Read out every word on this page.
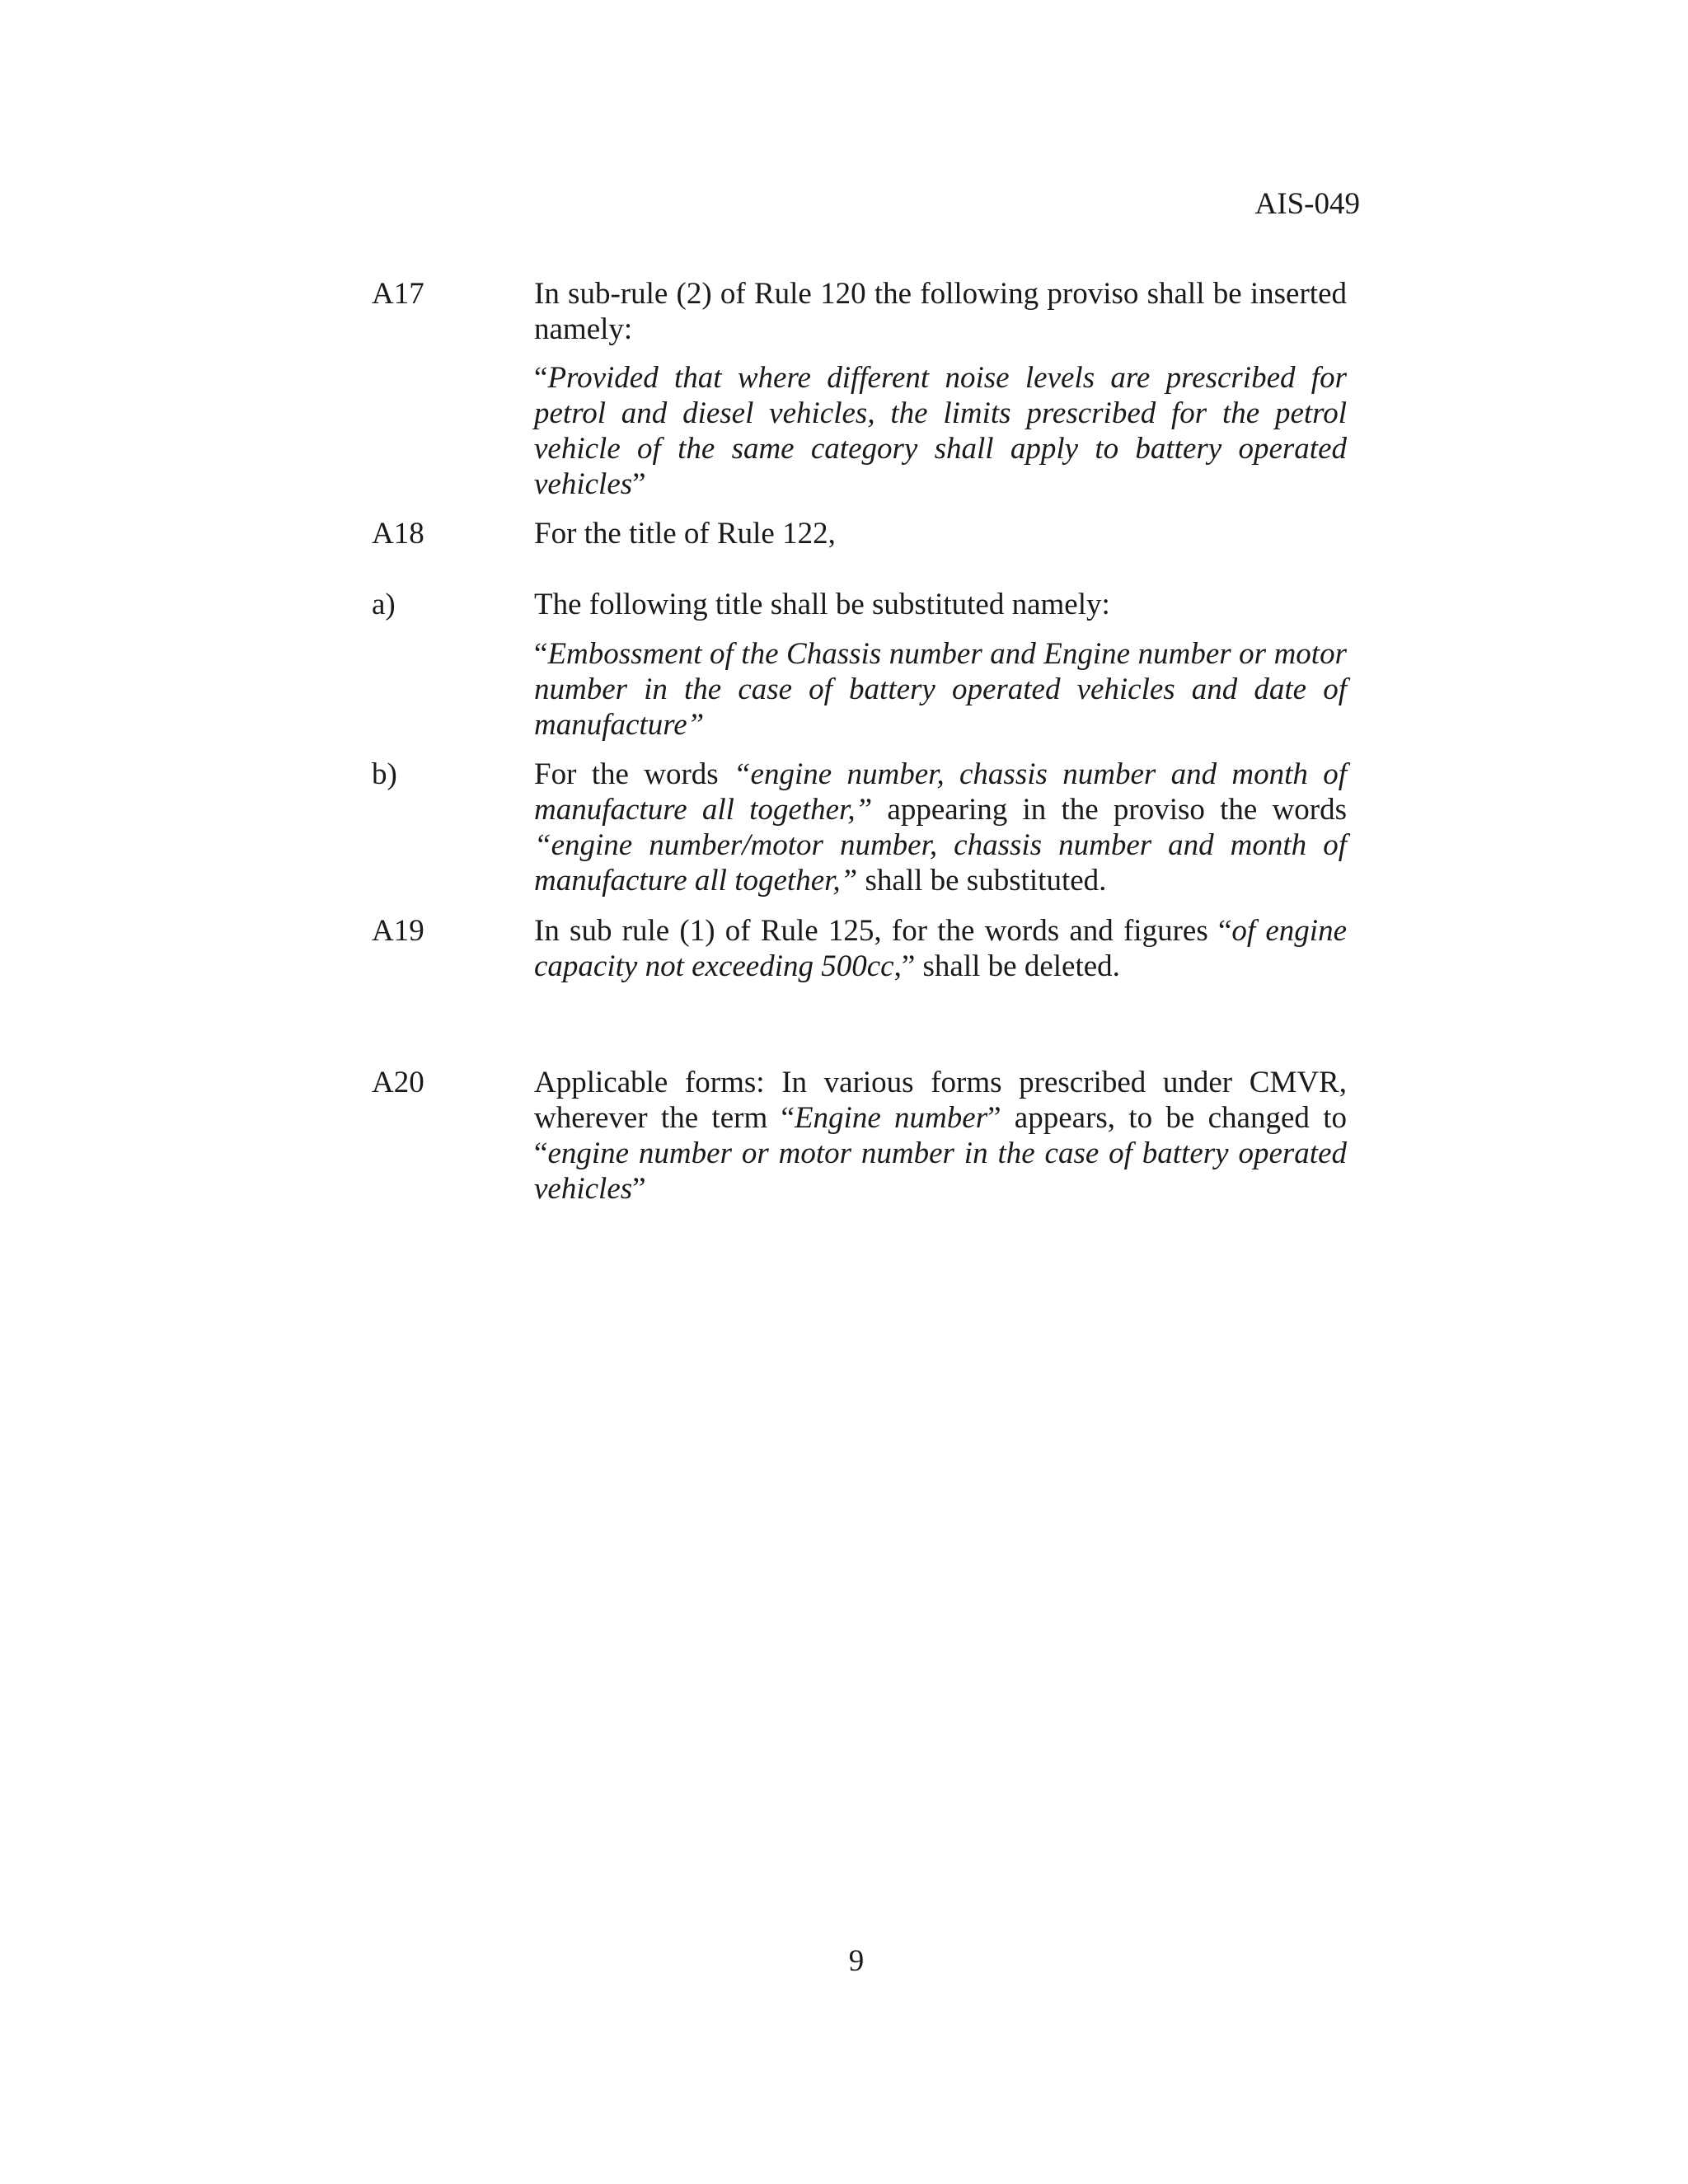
AIS-049
A17	In sub-rule (2) of Rule 120 the following proviso shall be inserted namely:
“Provided that where different noise levels are prescribed for petrol and diesel vehicles, the limits prescribed for the petrol vehicle of the same category shall apply to battery operated vehicles”
A18	For the title of Rule 122,
a)	The following title shall be substituted namely:
“Embossment of the Chassis number and Engine number or motor number in the case of battery operated vehicles and date of manufacture”
b)	For the words “engine number, chassis number and month of manufacture all together,” appearing in the proviso the words “engine number/motor number, chassis number and month of manufacture all together,” shall be substituted.
A19	In sub rule (1) of Rule 125, for the words and figures “of engine capacity not exceeding 500cc,” shall be deleted.
A20	Applicable forms: In various forms prescribed under CMVR, wherever the term “Engine number” appears, to be changed to “engine number or motor number in the case of battery operated vehicles”
9
